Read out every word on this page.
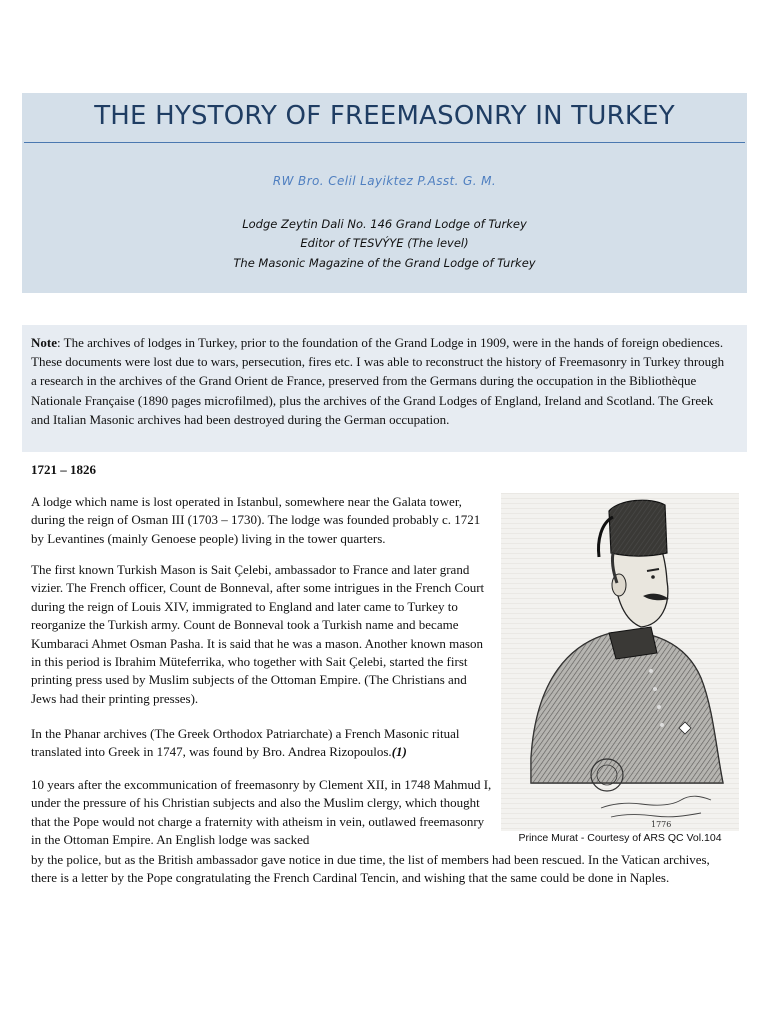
THE HYSTORY OF FREEMASONRY IN TURKEY
RW Bro. Celil Layiktez P.Asst. G. M.
Lodge Zeytin Dali No. 146 Grand Lodge of Turkey
Editor of TESVÝYE (The level)
The Masonic Magazine of the Grand Lodge of Turkey

Note: The archives of lodges in Turkey, prior to the foundation of the Grand Lodge in 1909, were in the hands of foreign obediences. These documents were lost due to wars, persecution, fires etc. I was able to reconstruct the history of Freemasonry in Turkey through a research in the archives of the Grand Orient de France, preserved from the Germans during the occupation in the Bibliothèque Nationale Française (1890 pages microfilmed), plus the archives of the Grand Lodges of England, Ireland and Scotland. The Greek and Italian Masonic archives had been destroyed during the German occupation.

1721 – 1826

A lodge which name is lost operated in Istanbul, somewhere near the Galata tower, during the reign of Osman III (1703 – 1730). The lodge was founded probably c. 1721 by Levantines (mainly Genoese people) living in the tower quarters.

The first known Turkish Mason is Sait Çelebi, ambassador to France and later grand vizier. The French officer, Count de Bonneval, after some intrigues in the French Court during the reign of Louis XIV, immigrated to England and later came to Turkey to reorganize the Turkish army. Count de Bonneval took a Turkish name and became Kumbaraci Ahmet Osman Pasha. It is said that he was a mason. Another known mason in this period is Ibrahim Müteferrika, who together with Sait Çelebi, started the first printing press used by Muslim subjects of the Ottoman Empire. (The Christians and Jews had their printing presses).

In the Phanar archives (The Greek Orthodox Patriarchate) a French Masonic ritual translated into Greek in 1747, was found by Bro. Andrea Rizopoulos.(1)

10 years after the excommunication of freemasonry by Clement XII, in 1748 Mahmud I, under the pressure of his Christian subjects and also the Muslim clergy, which thought that the Pope would not charge a fraternity with atheism in vein, outlawed freemasonry in the Ottoman Empire. An English lodge was sacked

by the police, but as the British ambassador gave notice in due time, the list of members had been rescued. In the Vatican archives, there is a letter by the Pope congratulating the French Cardinal Tencin, and wishing that the same could be done in Naples.

1776
Prince Murat - Courtesy of ARS QC Vol.104
